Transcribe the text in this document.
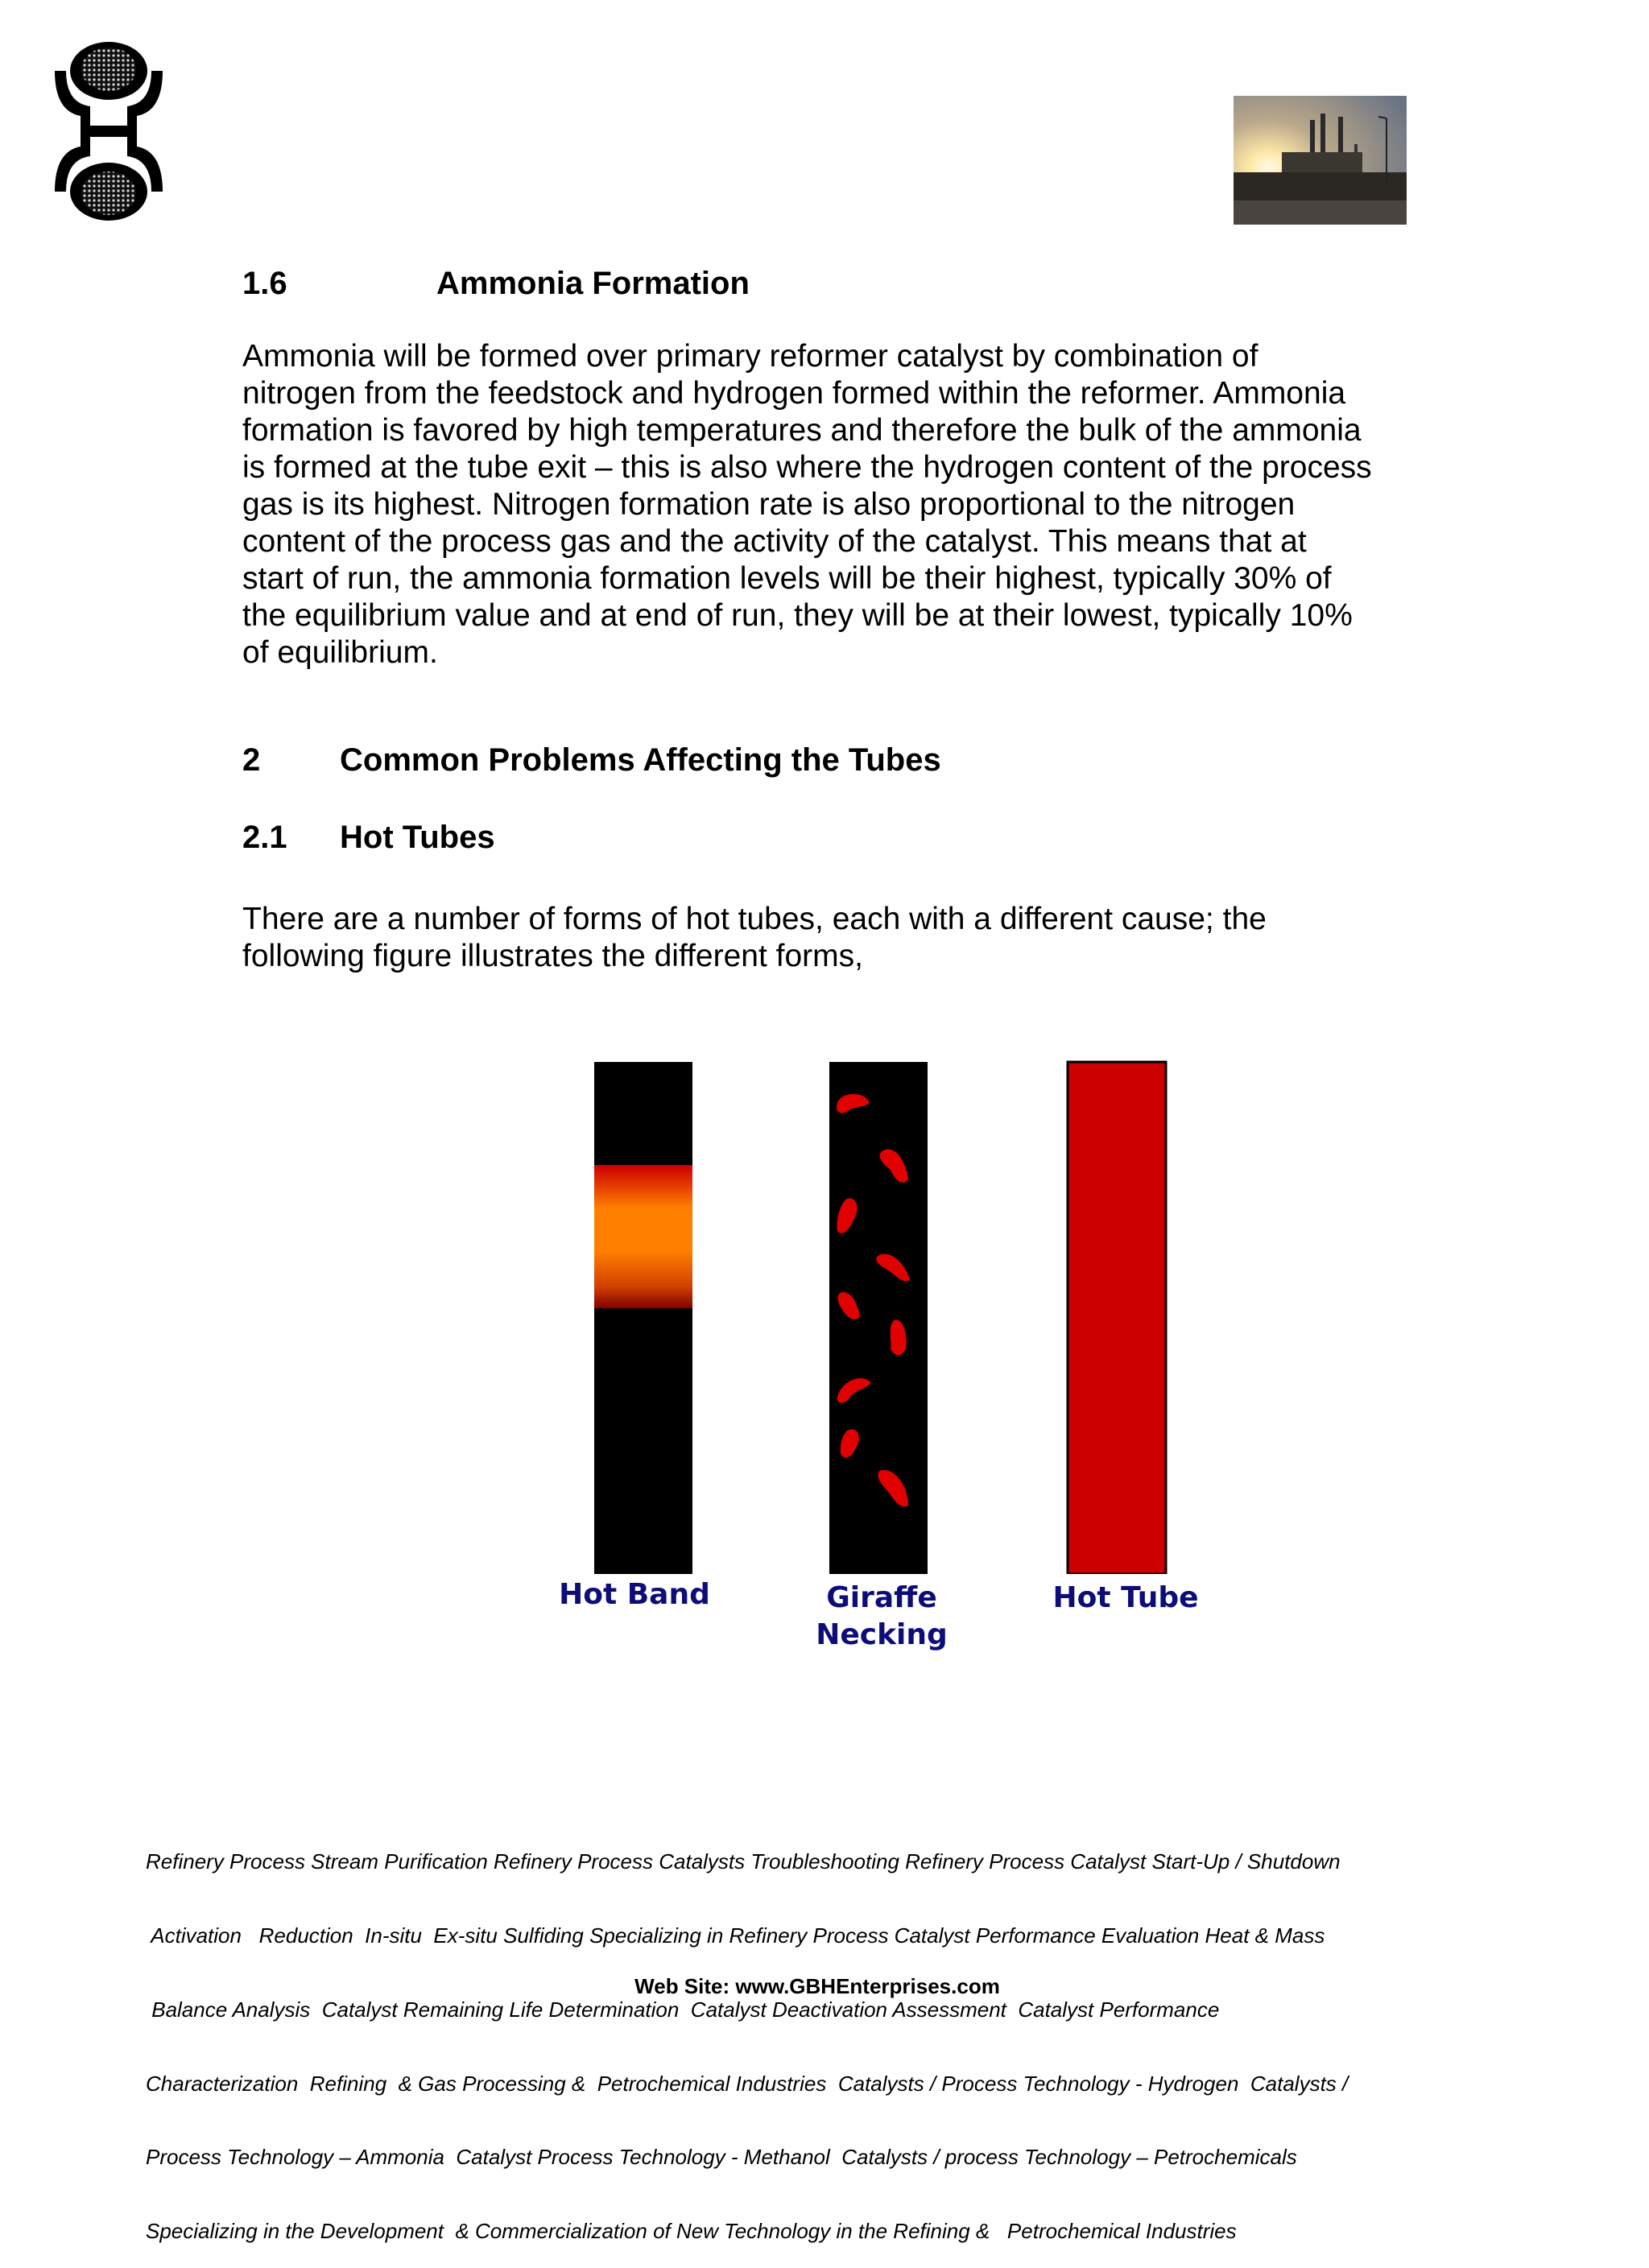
1.6	Ammonia Formation
Ammonia will be formed over primary reformer catalyst by combination of
nitrogen from the feedstock and hydrogen formed within the reformer. Ammonia
formation is favored by high temperatures and therefore the bulk of the ammonia
is formed at the tube exit – this is also where the hydrogen content of the process
gas is its highest. Nitrogen formation rate is also proportional to the nitrogen
content of the process gas and the activity of the catalyst. This means that at
start of run, the ammonia formation levels will be their highest, typically 30% of
the equilibrium value and at end of run, they will be at their lowest, typically 10%
of equilibrium.
2 Common Problems Affecting the Tubes
2.1 Hot Tubes
There are a number of forms of hot tubes, each with a different cause; the
following figure illustrates the different forms,
Hot Band	Giraffe
Necking
Hot Tube

Refinery Process Stream Purification Refinery Process Catalysts Troubleshooting Refinery Process Catalyst Start-Up / Shutdown

Activation   Reduction  In-situ  Ex-situ Sulfiding Specializing in Refinery Process Catalyst Performance Evaluation Heat & Mass

Balance Analysis  Catalyst Remaining Life Determination  Catalyst Deactivation Assessment  Catalyst Performance

Characterization  Refining  & Gas Processing &  Petrochemical Industries  Catalysts / Process Technology - Hydrogen  Catalysts /

Process Technology – Ammonia  Catalyst Process Technology - Methanol  Catalysts / process Technology – Petrochemicals

Specializing in the Development  & Commercialization of New Technology in the Refining &   Petrochemical Industries

Web Site: www.GBHEnterprises.com
